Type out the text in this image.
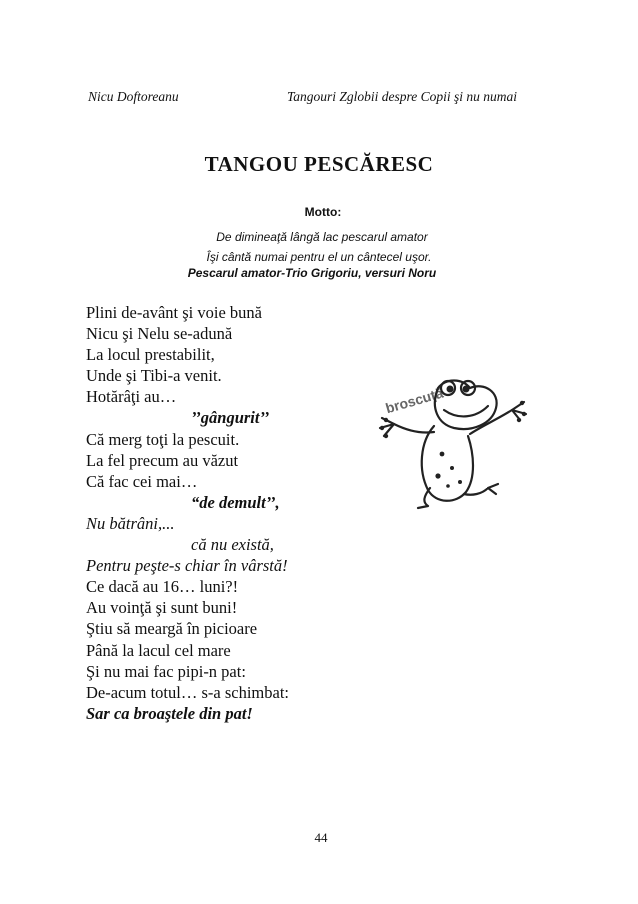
Nicu Doftoreanu	Tangouri Zglobii despre Copii şi nu numai
TANGOU PESCĂRESC
Motto:
De dimineaţă lângă lac pescarul amator
Îşi cântă numai pentru el un cântecel uşor.
Pescarul amator-Trio Grigoriu, versuri Noru
Plini de-avânt şi voie bună
Nicu şi Nelu se-adună
La locul prestabilit,
Unde şi Tibi-a venit.
Hotărâţi au…
’’gângurit’’
Că merg toţi la pescuit.
La fel precum au văzut
Că fac cei mai…
“de demult’’,
Nu bătrâni,...
că nu există,
Pentru peşte-s chiar în vârstă!
Ce dacă au 16… luni?!
Au voinţă şi sunt buni!
Ştiu să meargă în picioare
Până la lacul cel mare
Şi nu mai fac pipi-n pat:
De-acum totul… s-a schimbat:
Sar ca broaştele din pat!
broscuţă
44
